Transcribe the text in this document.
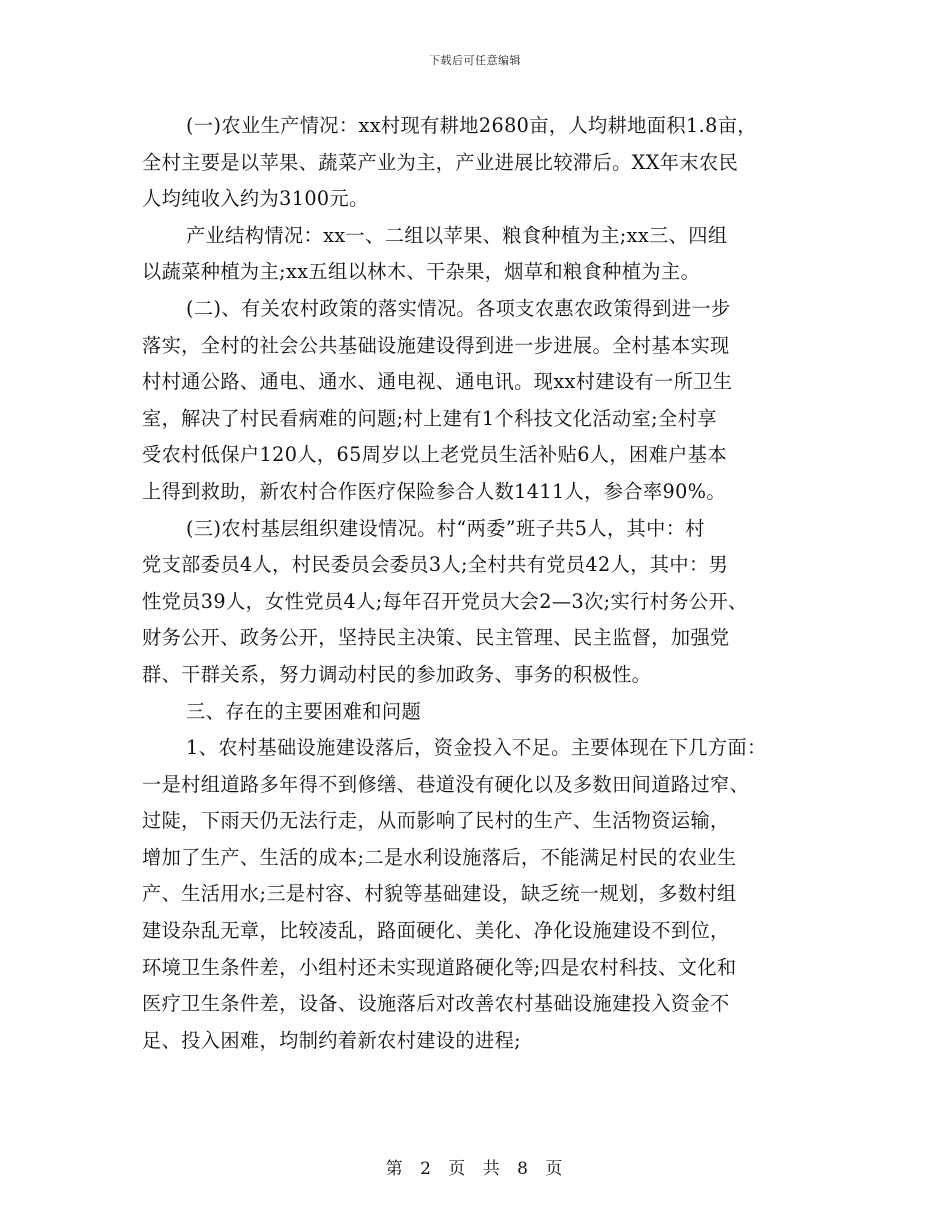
下载后可任意编辑
(一)农业生产情况：xx村现有耕地2680亩，人均耕地面积1.8亩，
全村主要是以苹果、蔬菜产业为主，产业进展比较滞后。XX年末农民
人均纯收入约为3100元。
产业结构情况：xx一、二组以苹果、粮食种植为主;xx三、四组
以蔬菜种植为主;xx五组以林木、干杂果，烟草和粮食种植为主。
(二)、有关农村政策的落实情况。各项支农惠农政策得到进一步
落实，全村的社会公共基础设施建设得到进一步进展。全村基本实现
村村通公路、通电、通水、通电视、通电讯。现xx村建设有一所卫生
室，解决了村民看病难的问题;村上建有1个科技文化活动室;全村享
受农村低保户120人，65周岁以上老党员生活补贴6人，困难户基本
上得到救助，新农村合作医疗保险参合人数1411人，参合率90%。
(三)农村基层组织建设情况。村“两委”班子共5人，其中：村
党支部委员4人，村民委员会委员3人;全村共有党员42人，其中：男
性党员39人，女性党员4人;每年召开党员大会2—3次;实行村务公开、
财务公开、政务公开，坚持民主决策、民主管理、民主监督，加强党
群、干群关系，努力调动村民的参加政务、事务的积极性。
三、存在的主要困难和问题
1、农村基础设施建设落后，资金投入不足。主要体现在下几方面：
一是村组道路多年得不到修缮、巷道没有硬化以及多数田间道路过窄、
过陡，下雨天仍无法行走，从而影响了民村的生产、生活物资运输，
增加了生产、生活的成本;二是水利设施落后，不能满足村民的农业生
产、生活用水;三是村容、村貌等基础建设，缺乏统一规划，多数村组
建设杂乱无章，比较凌乱，路面硬化、美化、净化设施建设不到位，
环境卫生条件差，小组村还未实现道路硬化等;四是农村科技、文化和
医疗卫生条件差，设备、设施落后对改善农村基础设施建投入资金不
足、投入困难，均制约着新农村建设的进程;
第 2 页 共 8 页
